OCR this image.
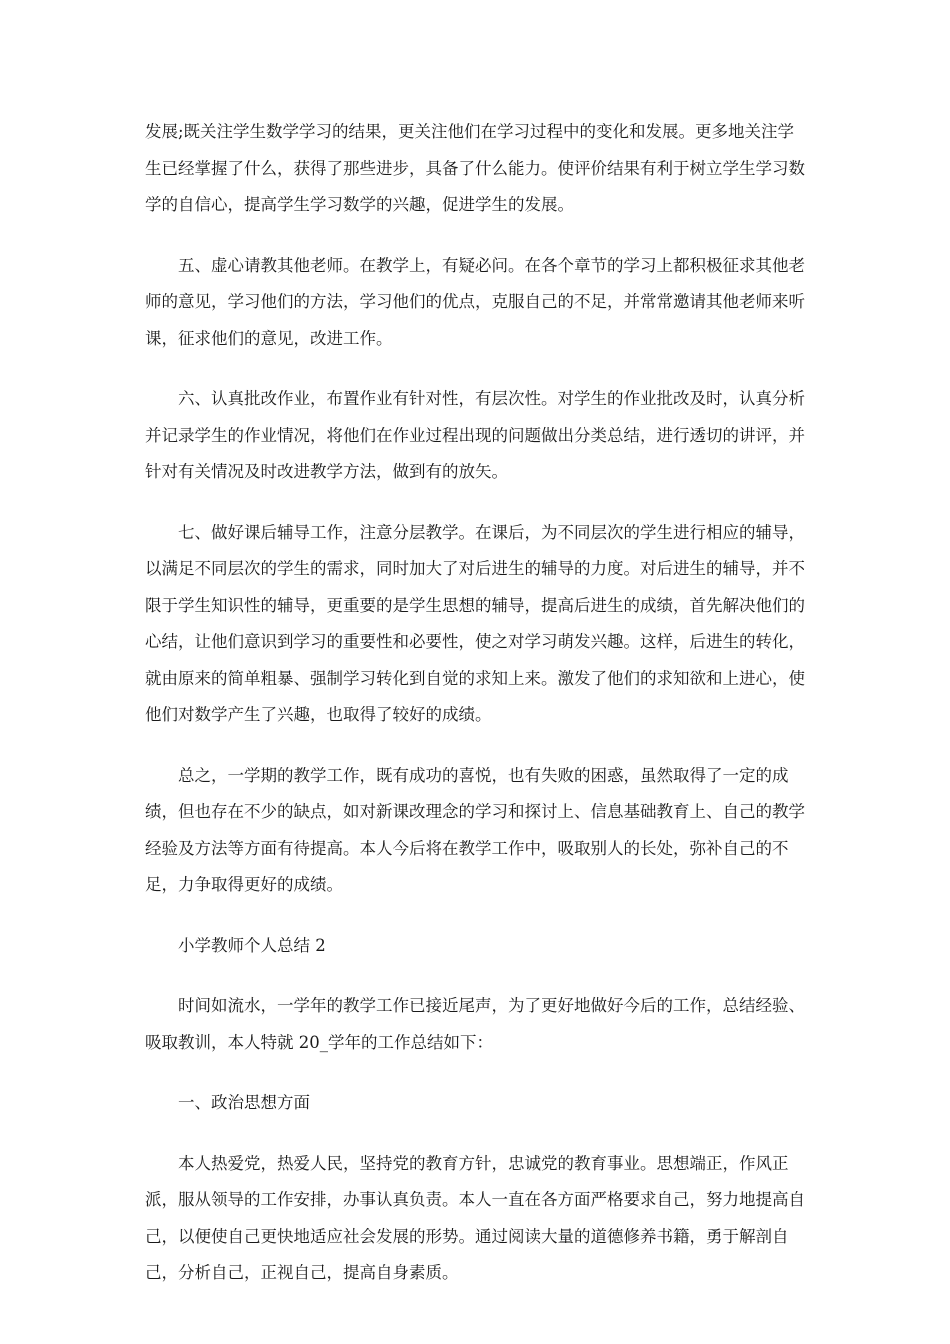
发展;既关注学生数学学习的结果，更关注他们在学习过程中的变化和发展。更多地关注学生已经掌握了什么，获得了那些进步，具备了什么能力。使评价结果有利于树立学生学习数学的自信心，提高学生学习数学的兴趣，促进学生的发展。

五、虚心请教其他老师。在教学上，有疑必问。在各个章节的学习上都积极征求其他老师的意见，学习他们的方法，学习他们的优点，克服自己的不足，并常常邀请其他老师来听课，征求他们的意见，改进工作。

六、认真批改作业，布置作业有针对性，有层次性。对学生的作业批改及时，认真分析并记录学生的作业情况，将他们在作业过程出现的问题做出分类总结，进行透切的讲评，并针对有关情况及时改进教学方法，做到有的放矢。

七、做好课后辅导工作，注意分层教学。在课后，为不同层次的学生进行相应的辅导，以满足不同层次的学生的需求，同时加大了对后进生的辅导的力度。对后进生的辅导，并不限于学生知识性的辅导，更重要的是学生思想的辅导，提高后进生的成绩，首先解决他们的心结，让他们意识到学习的重要性和必要性，使之对学习萌发兴趣。这样，后进生的转化，就由原来的简单粗暴、强制学习转化到自觉的求知上来。激发了他们的求知欲和上进心，使他们对数学产生了兴趣，也取得了较好的成绩。

总之，一学期的教学工作，既有成功的喜悦，也有失败的困惑，虽然取得了一定的成绩，但也存在不少的缺点，如对新课改理念的学习和探讨上、信息基础教育上、自己的教学经验及方法等方面有待提高。本人今后将在教学工作中，吸取别人的长处，弥补自己的不足，力争取得更好的成绩。

小学教师个人总结 2

时间如流水，一学年的教学工作已接近尾声，为了更好地做好今后的工作，总结经验、吸取教训，本人特就 20_学年的工作总结如下：

一、政治思想方面

本人热爱党，热爱人民，坚持党的教育方针，忠诚党的教育事业。思想端正，作风正派，服从领导的工作安排，办事认真负责。本人一直在各方面严格要求自己，努力地提高自己，以便使自己更快地适应社会发展的形势。通过阅读大量的道德修养书籍，勇于解剖自己，分析自己，正视自己，提高自身素质。
